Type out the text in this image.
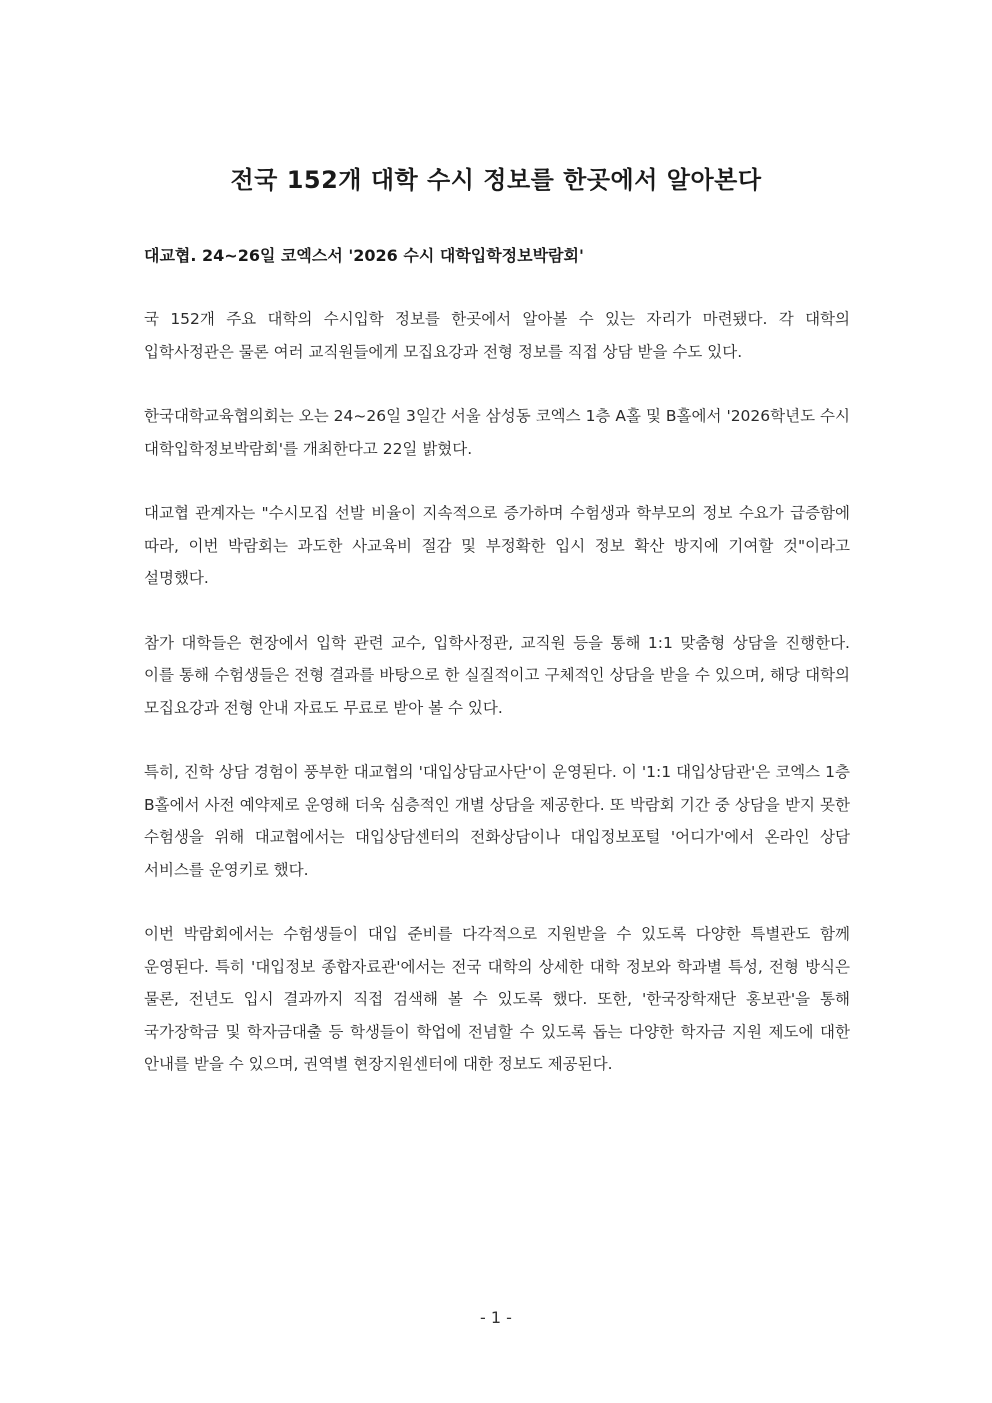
전국 152개 대학 수시 정보를 한곳에서 알아본다
대교협. 24~26일 코엑스서 '2026 수시 대학입학정보박람회'

국 152개 주요 대학의 수시입학 정보를 한곳에서 알아볼 수 있는 자리가 마련됐다. 각 대학의 입학사정관은 물론 여러 교직원들에게 모집요강과 전형 정보를 직접 상담 받을 수도 있다.

한국대학교육협의회는 오는 24~26일 3일간 서울 삼성동 코엑스 1층 A홀 및 B홀에서 '2026학년도 수시 대학입학정보박람회'를 개최한다고 22일 밝혔다.

대교협 관계자는 "수시모집 선발 비율이 지속적으로 증가하며 수험생과 학부모의 정보 수요가 급증함에 따라, 이번 박람회는 과도한 사교육비 절감 및 부정확한 입시 정보 확산 방지에 기여할 것"이라고 설명했다.

참가 대학들은 현장에서 입학 관련 교수, 입학사정관, 교직원 등을 통해 1:1 맞춤형 상담을 진행한다. 이를 통해 수험생들은 전형 결과를 바탕으로 한 실질적이고 구체적인 상담을 받을 수 있으며, 해당 대학의 모집요강과 전형 안내 자료도 무료로 받아 볼 수 있다.

특히, 진학 상담 경험이 풍부한 대교협의 '대입상담교사단'이 운영된다. 이 '1:1 대입상담관'은 코엑스 1층 B홀에서 사전 예약제로 운영해 더욱 심층적인 개별 상담을 제공한다. 또 박람회 기간 중 상담을 받지 못한 수험생을 위해 대교협에서는 대입상담센터의 전화상담이나 대입정보포털 '어디가'에서 온라인 상담 서비스를 운영키로 했다.

이번 박람회에서는 수험생들이 대입 준비를 다각적으로 지원받을 수 있도록 다양한 특별관도 함께 운영된다. 특히 '대입정보 종합자료관'에서는 전국 대학의 상세한 대학 정보와 학과별 특성, 전형 방식은 물론, 전년도 입시 결과까지 직접 검색해 볼 수 있도록 했다. 또한, '한국장학재단 홍보관'을 통해 국가장학금 및 학자금대출 등 학생들이 학업에 전념할 수 있도록 돕는 다양한 학자금 지원 제도에 대한 안내를 받을 수 있으며, 권역별 현장지원센터에 대한 정보도 제공된다.

- 1 -
